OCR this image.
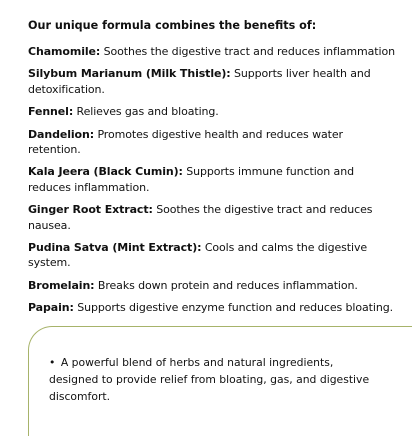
Our unique formula combines the benefits of:
Chamomile: Soothes the digestive tract and reduces inflammation
Silybum Marianum (Milk Thistle): Supports liver health and detoxification.
Fennel: Relieves gas and bloating.
Dandelion: Promotes digestive health and reduces water retention.
Kala Jeera (Black Cumin): Supports immune function and reduces inflammation.
Ginger Root Extract: Soothes the digestive tract and reduces nausea.
Pudina Satva (Mint Extract): Cools and calms the digestive system.
Bromelain: Breaks down protein and reduces inflammation.
Papain: Supports digestive enzyme function and reduces bloating.
• A powerful blend of herbs and natural ingredients, designed to provide relief from bloating, gas, and digestive discomfort.
